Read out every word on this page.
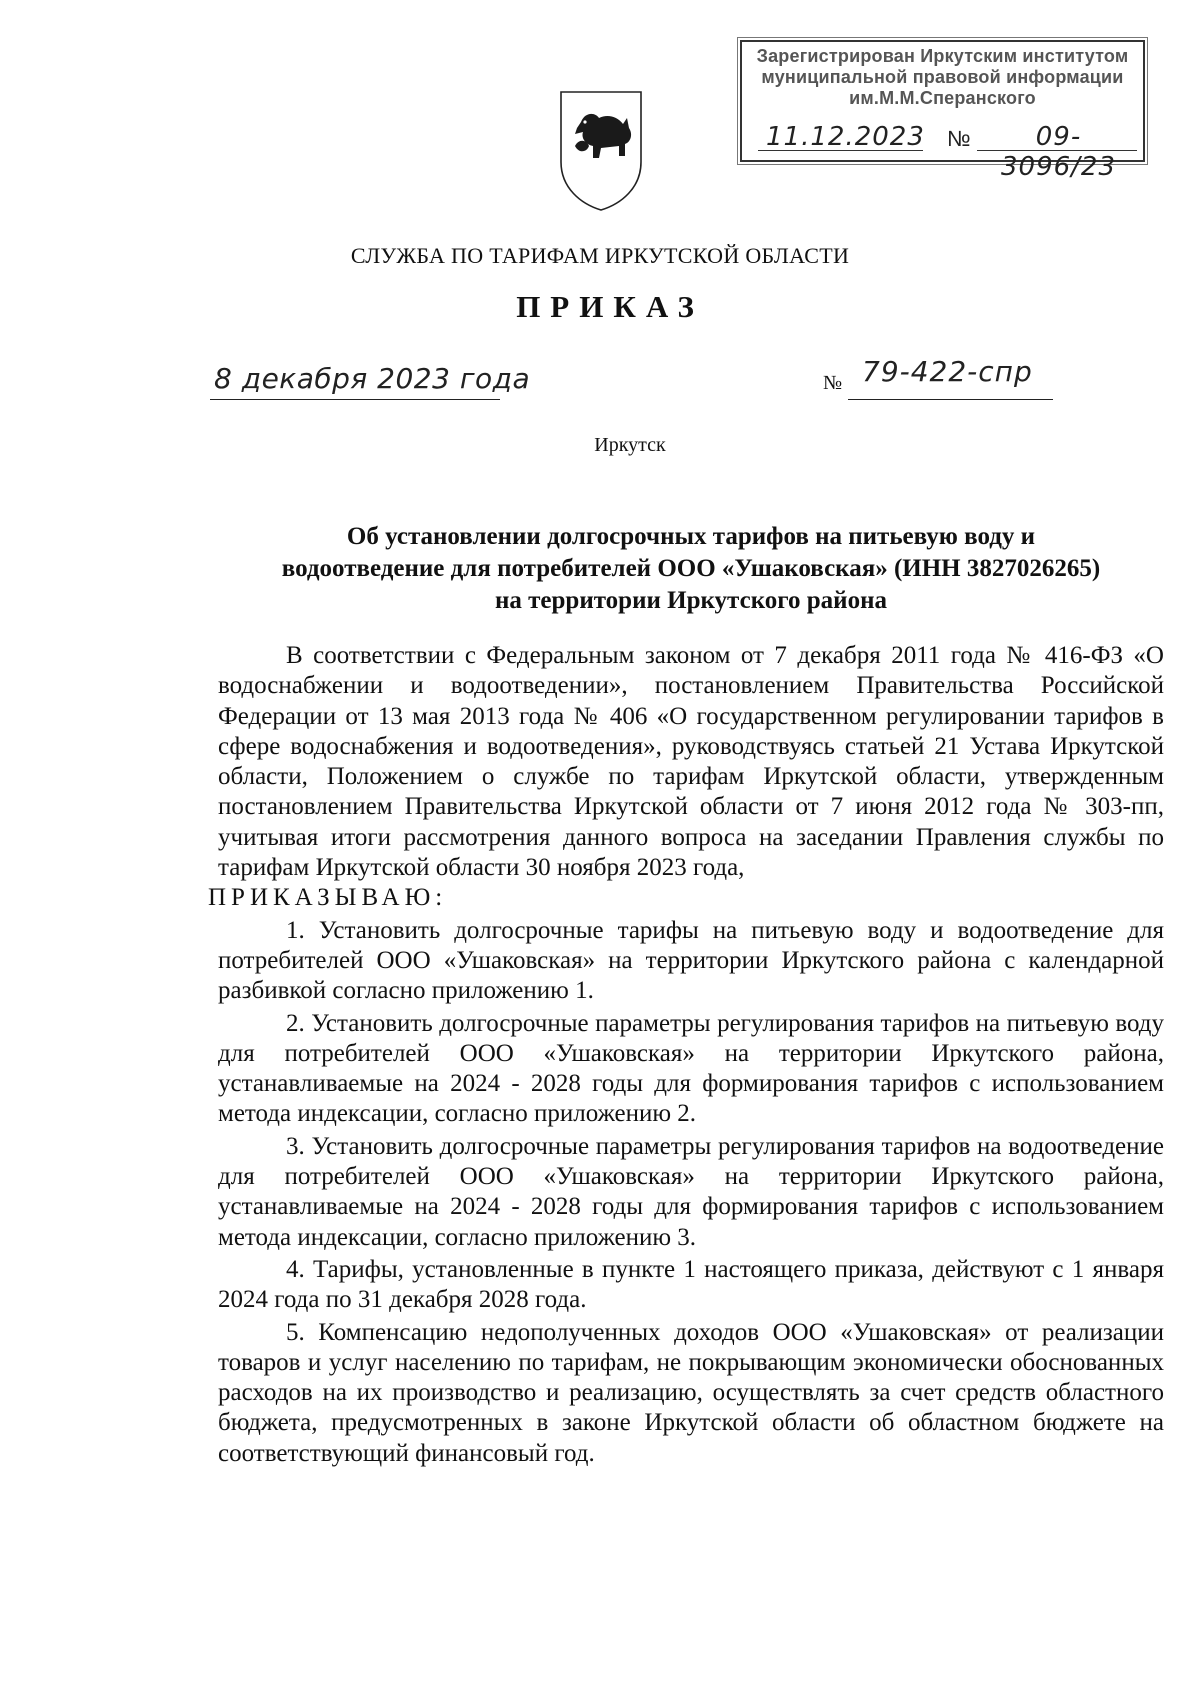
Зарегистрирован Иркутским институтом
муниципальной правовой информации
им.М.М.Сперанского
11.12.2023 №	09-3096/23
СЛУЖБА ПО ТАРИФАМ ИРКУТСКОЙ ОБЛАСТИ
ПРИКАЗ
8 декабря 2023 года	№ 79-422-спр
Иркутск
Об установлении долгосрочных тарифов на питьевую воду и
водоотведение для потребителей ООО «Ушаковская» (ИНН 3827026265)
на территории Иркутского района

В соответствии с Федеральным законом от 7 декабря 2011 года № 416-ФЗ «О водоснабжении и водоотведении», постановлением Правительства Российской Федерации от 13 мая 2013 года № 406 «О государственном регулировании тарифов в сфере водоснабжения и водоотведения», руководствуясь статьей 21 Устава Иркутской области, Положением о службе по тарифам Иркутской области, утвержденным постановлением Правительства Иркутской области от 7 июня 2012 года № 303-пп, учитывая итоги рассмотрения данного вопроса на заседании Правления службы по тарифам Иркутской области 30 ноября 2023 года,

ПРИКАЗЫВАЮ:

1. Установить долгосрочные тарифы на питьевую воду и водоотведение для потребителей ООО «Ушаковская» на территории Иркутского района с календарной разбивкой согласно приложению 1.

2. Установить долгосрочные параметры регулирования тарифов на питьевую воду для потребителей ООО «Ушаковская» на территории Иркутского района, устанавливаемые на 2024 - 2028 годы для формирования тарифов с использованием метода индексации, согласно приложению 2.

3. Установить долгосрочные параметры регулирования тарифов на водоотведение для потребителей ООО «Ушаковская» на территории Иркутского района, устанавливаемые на 2024 - 2028 годы для формирования тарифов с использованием метода индексации, согласно приложению 3.

4. Тарифы, установленные в пункте 1 настоящего приказа, действуют с 1 января 2024 года по 31 декабря 2028 года.

5. Компенсацию недополученных доходов ООО «Ушаковская» от реализации товаров и услуг населению по тарифам, не покрывающим экономически обоснованных расходов на их производство и реализацию, осуществлять за счет средств областного бюджета, предусмотренных в законе Иркутской области об областном бюджете на соответствующий финансовый год.
